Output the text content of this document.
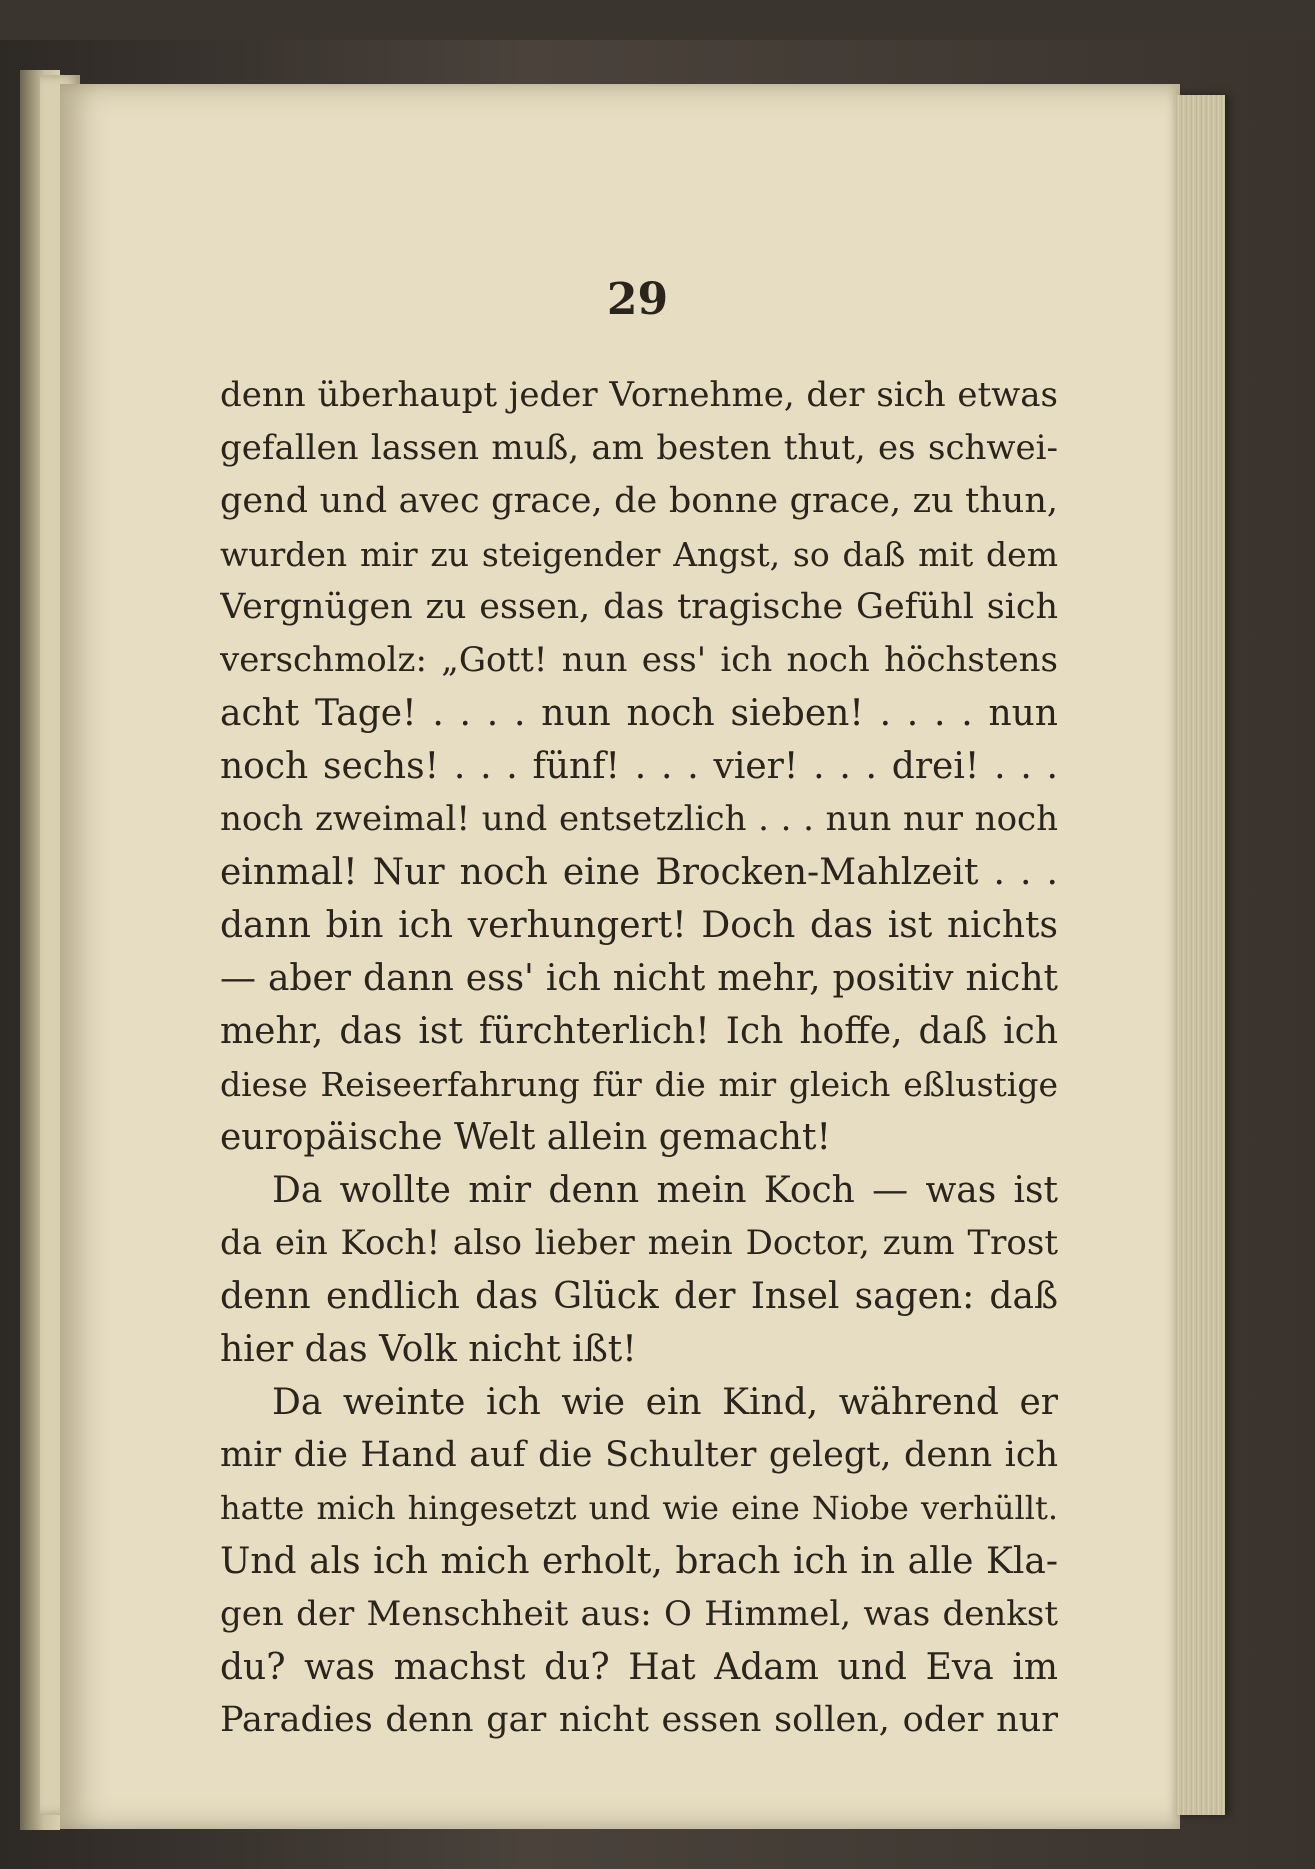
29
denn überhaupt jeder Vornehme, der sich etwas
gefallen lassen muß, am besten thut, es schwei-
gend und avec grace, de bonne grace, zu thun,
wurden mir zu steigender Angst, so daß mit dem
Vergnügen zu essen, das tragische Gefühl sich
verschmolz: „Gott! nun ess' ich noch höchstens
acht Tage! . . . . nun noch sieben! . . . . nun
noch sechs! . . . fünf! . . . vier! . . . drei! . . .
noch zweimal! und entsetzlich . . . nun nur noch
einmal! Nur noch eine Brocken-Mahlzeit . . .
dann bin ich verhungert! Doch das ist nichts
— aber dann ess' ich nicht mehr, positiv nicht
mehr, das ist fürchterlich! Ich hoffe, daß ich
diese Reiseerfahrung für die mir gleich eßlustige
europäische Welt allein gemacht!
Da wollte mir denn mein Koch — was ist
da ein Koch! also lieber mein Doctor, zum Trost
denn endlich das Glück der Insel sagen: daß
hier das Volk nicht ißt!
Da weinte ich wie ein Kind, während er
mir die Hand auf die Schulter gelegt, denn ich
hatte mich hingesetzt und wie eine Niobe verhüllt.
Und als ich mich erholt, brach ich in alle Kla-
gen der Menschheit aus: O Himmel, was denkst
du? was machst du? Hat Adam und Eva im
Paradies denn gar nicht essen sollen, oder nur
